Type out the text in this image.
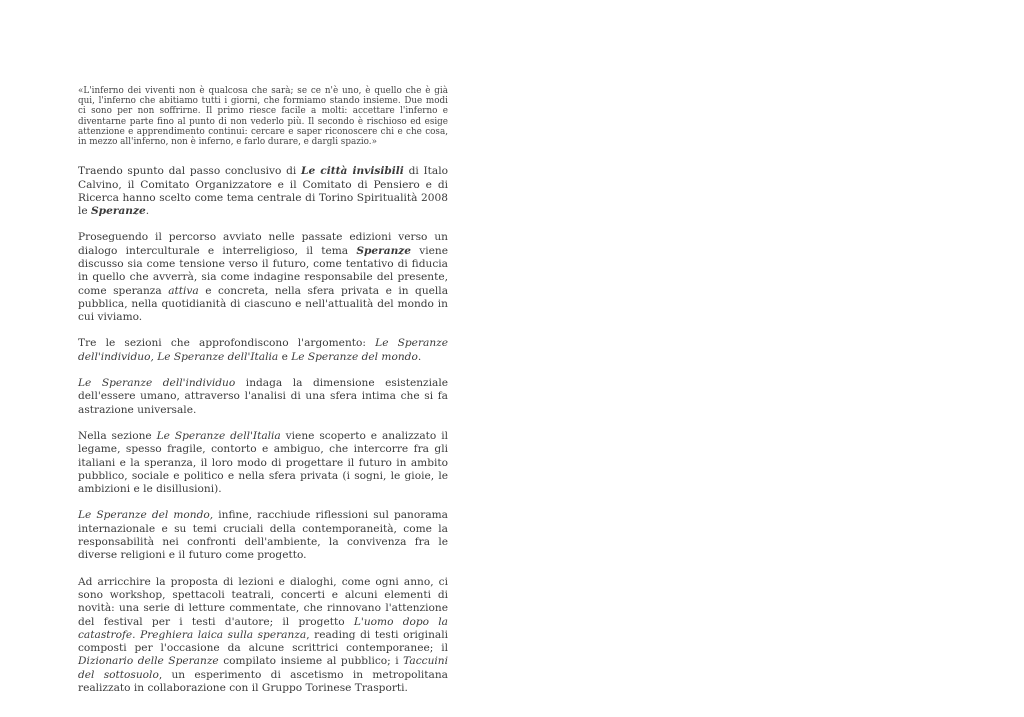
«L'inferno dei viventi non è qualcosa che sarà; se ce n'è uno, è quello che è già qui, l'inferno che abitiamo tutti i giorni, che formiamo stando insieme. Due modi ci sono per non soffrirne. Il primo riesce facile a molti: accettare l'inferno e diventarne parte fino al punto di non vederlo più. Il secondo è rischioso ed esige attenzione e apprendimento continui: cercare e saper riconoscere chi e che cosa, in mezzo all'inferno, non è inferno, e farlo durare, e dargli spazio.»

Traendo spunto dal passo conclusivo di Le città invisibili di Italo Calvino, il Comitato Organizzatore e il Comitato di Pensiero e di Ricerca hanno scelto come tema centrale di Torino Spiritualità 2008 le Speranze.

Proseguendo il percorso avviato nelle passate edizioni verso un dialogo interculturale e interreligioso, il tema Speranze viene discusso sia come tensione verso il futuro, come tentativo di fiducia in quello che avverrà, sia come indagine responsabile del presente, come speranza attiva e concreta, nella sfera privata e in quella pubblica, nella quotidianità di ciascuno e nell'attualità del mondo in cui viviamo.

Tre le sezioni che approfondiscono l'argomento: Le Speranze dell'individuo, Le Speranze dell'Italia e Le Speranze del mondo.

Le Speranze dell'individuo indaga la dimensione esistenziale dell'essere umano, attraverso l'analisi di una sfera intima che si fa astrazione universale.

Nella sezione Le Speranze dell'Italia viene scoperto e analizzato il legame, spesso fragile, contorto e ambiguo, che intercorre fra gli italiani e la speranza, il loro modo di progettare il futuro in ambito pubblico, sociale e politico e nella sfera privata (i sogni, le gioie, le ambizioni e le disillusioni).

Le Speranze del mondo, infine, racchiude riflessioni sul panorama internazionale e su temi cruciali della contemporaneità, come la responsabilità nei confronti dell'ambiente, la convivenza fra le diverse religioni e il futuro come progetto.

Ad arricchire la proposta di lezioni e dialoghi, come ogni anno, ci sono workshop, spettacoli teatrali, concerti e alcuni elementi di novità: una serie di letture commentate, che rinnovano l'attenzione del festival per i testi d'autore; il progetto L'uomo dopo la catastrofe. Preghiera laica sulla speranza, reading di testi originali composti per l'occasione da alcune scrittrici contemporanee; il Dizionario delle Speranze compilato insieme al pubblico; i Taccuini del sottosuolo, un esperimento di ascetismo in metropolitana realizzato in collaborazione con il Gruppo Torinese Trasporti.
